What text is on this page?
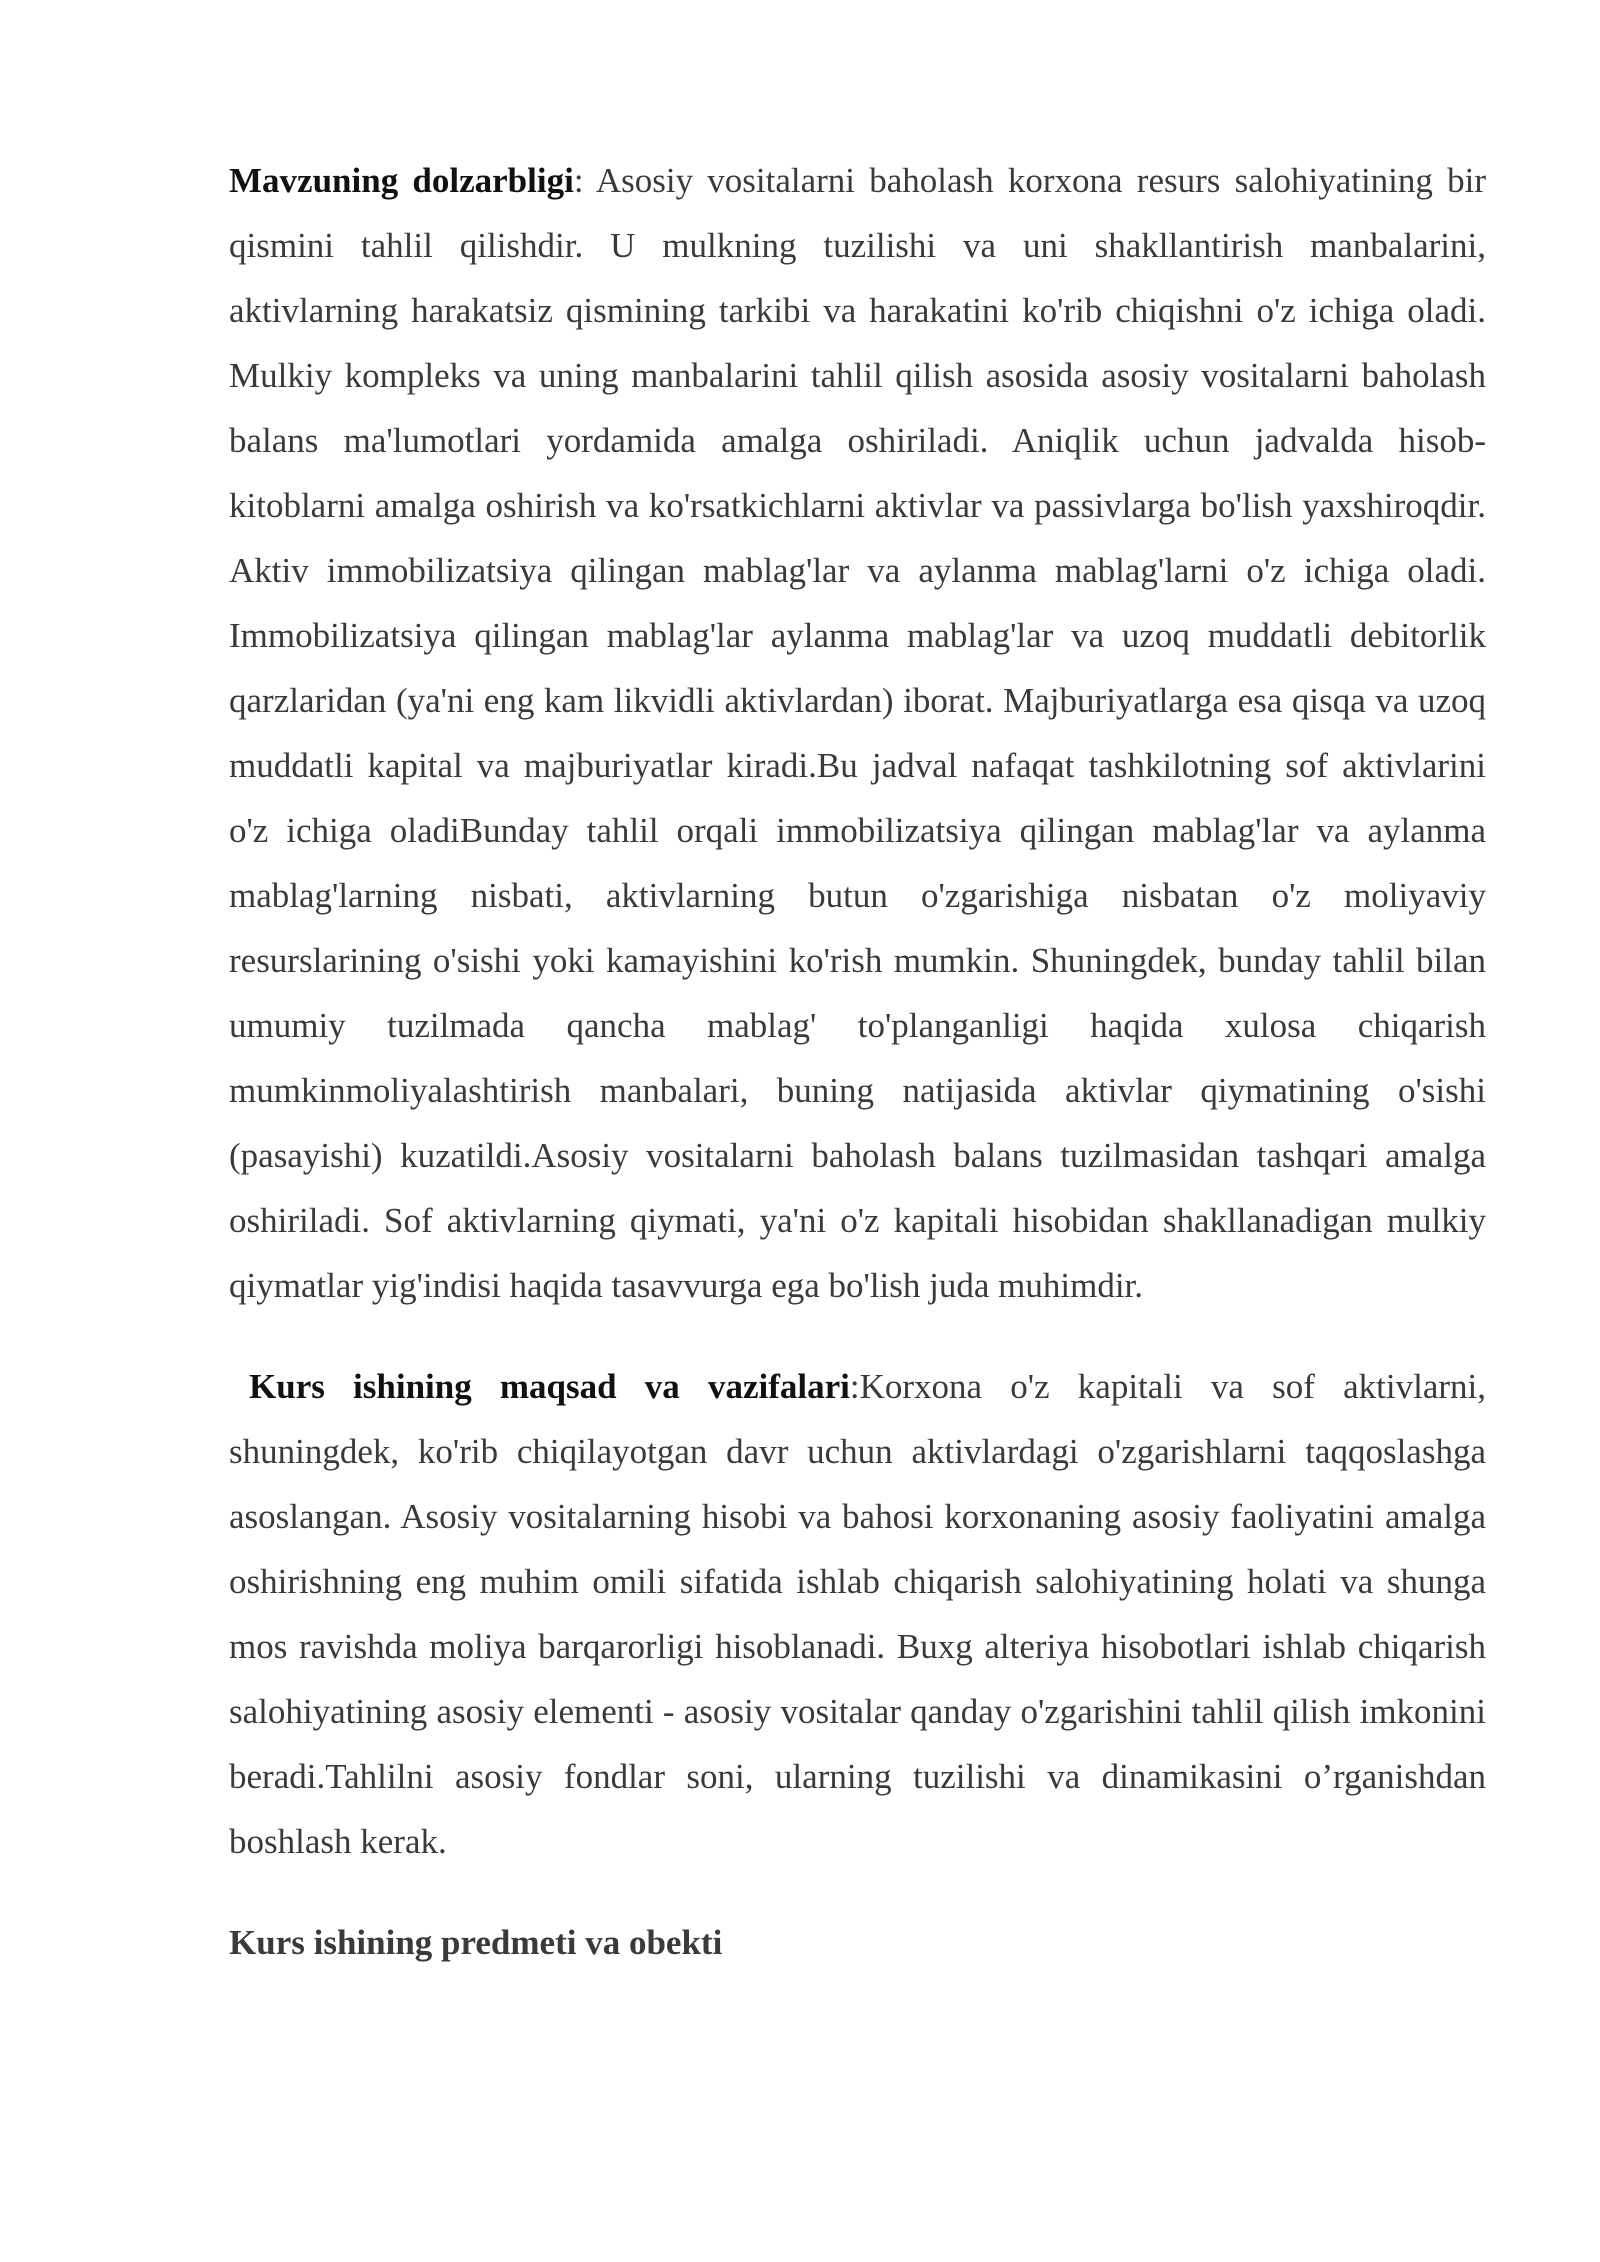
Mavzuning dolzarbligi: Asosiy vositalarni baholash korxona resurs salohiyatining bir qismini tahlil qilishdir. U mulkning tuzilishi va uni shakllantirish manbalarini, aktivlarning harakatsiz qismining tarkibi va harakatini ko'rib chiqishni o'z ichiga oladi. Mulkiy kompleks va uning manbalarini tahlil qilish asosida asosiy vositalarni baholash balans ma'lumotlari yordamida amalga oshiriladi. Aniqlik uchun jadvalda hisob-kitoblarni amalga oshirish va ko'rsatkichlarni aktivlar va passivlarga bo'lish yaxshiroqdir. Aktiv immobilizatsiya qilingan mablag'lar va aylanma mablag'larni o'z ichiga oladi. Immobilizatsiya qilingan mablag'lar aylanma mablag'lar va uzoq muddatli debitorlik qarzlaridan (ya'ni eng kam likvidli aktivlardan) iborat. Majburiyatlarga esa qisqa va uzoq muddatli kapital va majburiyatlar kiradi.Bu jadval nafaqat tashkilotning sof aktivlarini o'z ichiga oladiBunday tahlil orqali immobilizatsiya qilingan mablag'lar va aylanma mablag'larning nisbati, aktivlarning butun o'zgarishiga nisbatan o'z moliyaviy resurslarining o'sishi yoki kamayishini ko'rish mumkin. Shuningdek, bunday tahlil bilan umumiy tuzilmada qancha mablag' to'planganligi haqida xulosa chiqarish mumkinmoliyalashtirish manbalari, buning natijasida aktivlar qiymatining o'sishi (pasayishi) kuzatildi.Asosiy vositalarni baholash balans tuzilmasidan tashqari amalga oshiriladi. Sof aktivlarning qiymati, ya'ni o'z kapitali hisobidan shakllanadigan mulkiy qiymatlar yig'indisi haqida tasavvurga ega bo'lish juda muhimdir.

Kurs ishining maqsad va vazifalari:Korxona o'z kapitali va sof aktivlarni, shuningdek, ko'rib chiqilayotgan davr uchun aktivlardagi o'zgarishlarni taqqoslashga asoslangan. Asosiy vositalarning hisobi va bahosi korxonaning asosiy faoliyatini amalga oshirishning eng muhim omili sifatida ishlab chiqarish salohiyatining holati va shunga mos ravishda moliya barqarorligi hisoblanadi. Buxg alteriya hisobotlari ishlab chiqarish salohiyatining asosiy elementi - asosiy vositalar qanday o'zgarishini tahlil qilish imkonini beradi.Tahlilni asosiy fondlar soni, ularning tuzilishi va dinamikasini o’rganishdan boshlash kerak.

Kurs ishining predmeti va obekti
